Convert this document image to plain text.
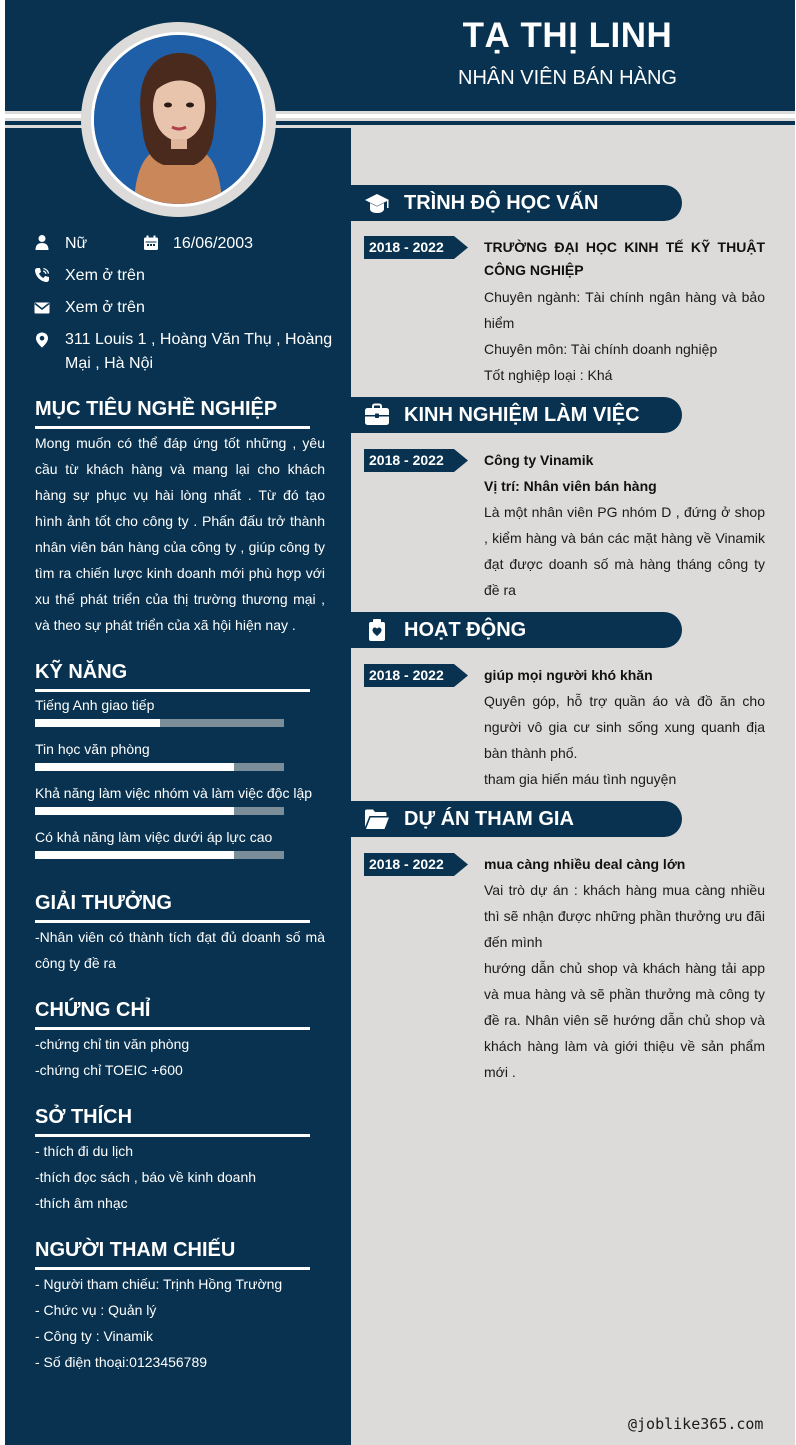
TẠ THỊ LINH
NHÂN VIÊN BÁN HÀNG
Nữ	16/06/2003
Xem ở trên
Xem ở trên
311 Louis 1 , Hoàng Văn Thụ , Hoàng Mại , Hà Nội
MỤC TIÊU NGHỀ NGHIỆP
Mong muốn có thể đáp ứng tốt những , yêu cầu từ khách hàng và mang lại cho khách hàng sự phục vụ hài lòng nhất . Từ đó tạo hình ảnh tốt cho công ty . Phấn đấu trở thành nhân viên bán hàng của công ty , giúp công ty tìm ra chiến lược kinh doanh mới phù hợp với xu thế phát triển của thị trường thương mại , và theo sự phát triển của xã hội hiện nay .
KỸ NĂNG
Tiếng Anh giao tiếp
Tin học văn phòng
Khả năng làm việc nhóm và làm việc độc lập
Có khả năng làm việc dưới áp lực cao
GIẢI THƯỞNG
-Nhân viên có thành tích đạt đủ doanh số mà công ty đề ra
CHỨNG CHỈ
-chứng chỉ tin văn phòng
-chứng chỉ TOEIC +600
SỞ THÍCH
- thích đi du lịch
-thích đọc sách , báo về kinh doanh
-thích âm nhạc
NGƯỜI THAM CHIẾU
- Người tham chiếu: Trịnh Hồng Trường
- Chức vụ : Quản lý
- Công ty : Vinamik
- Số điện thoại:0123456789
TRÌNH ĐỘ HỌC VẤN
2018 - 2022	TRƯỜNG ĐẠI HỌC KINH TẾ KỸ THUẬT CÔNG NGHIỆP
Chuyên ngành: Tài chính ngân hàng và bảo hiểm
Chuyên môn: Tài chính doanh nghiệp
Tốt nghiệp loại : Khá
KINH NGHIỆM LÀM VIỆC
2018 - 2022	Công ty Vinamik
Vị trí: Nhân viên bán hàng
Là một nhân viên PG nhóm D , đứng ở shop , kiểm hàng và bán các mặt hàng về Vinamik đạt được doanh số mà hàng tháng công ty đề ra
HOẠT ĐỘNG
2018 - 2022	giúp mọi người khó khăn
Quyên góp, hỗ trợ quần áo và đồ ăn cho người vô gia cư sinh sống xung quanh địa bàn thành phố.
tham gia hiến máu tình nguyện
DỰ ÁN THAM GIA
2018 - 2022	mua càng nhiều deal càng lớn
Vai trò dự án : khách hàng mua càng nhiều thì sẽ nhận được những phần thưởng ưu đãi đến mình
hướng dẫn chủ shop và khách hàng tải app và mua hàng và sẽ phần thưởng mà công ty đề ra. Nhân viên sẽ hướng dẫn chủ shop và khách hàng làm và giới thiệu về sản phẩm mới .
@joblike365.com
